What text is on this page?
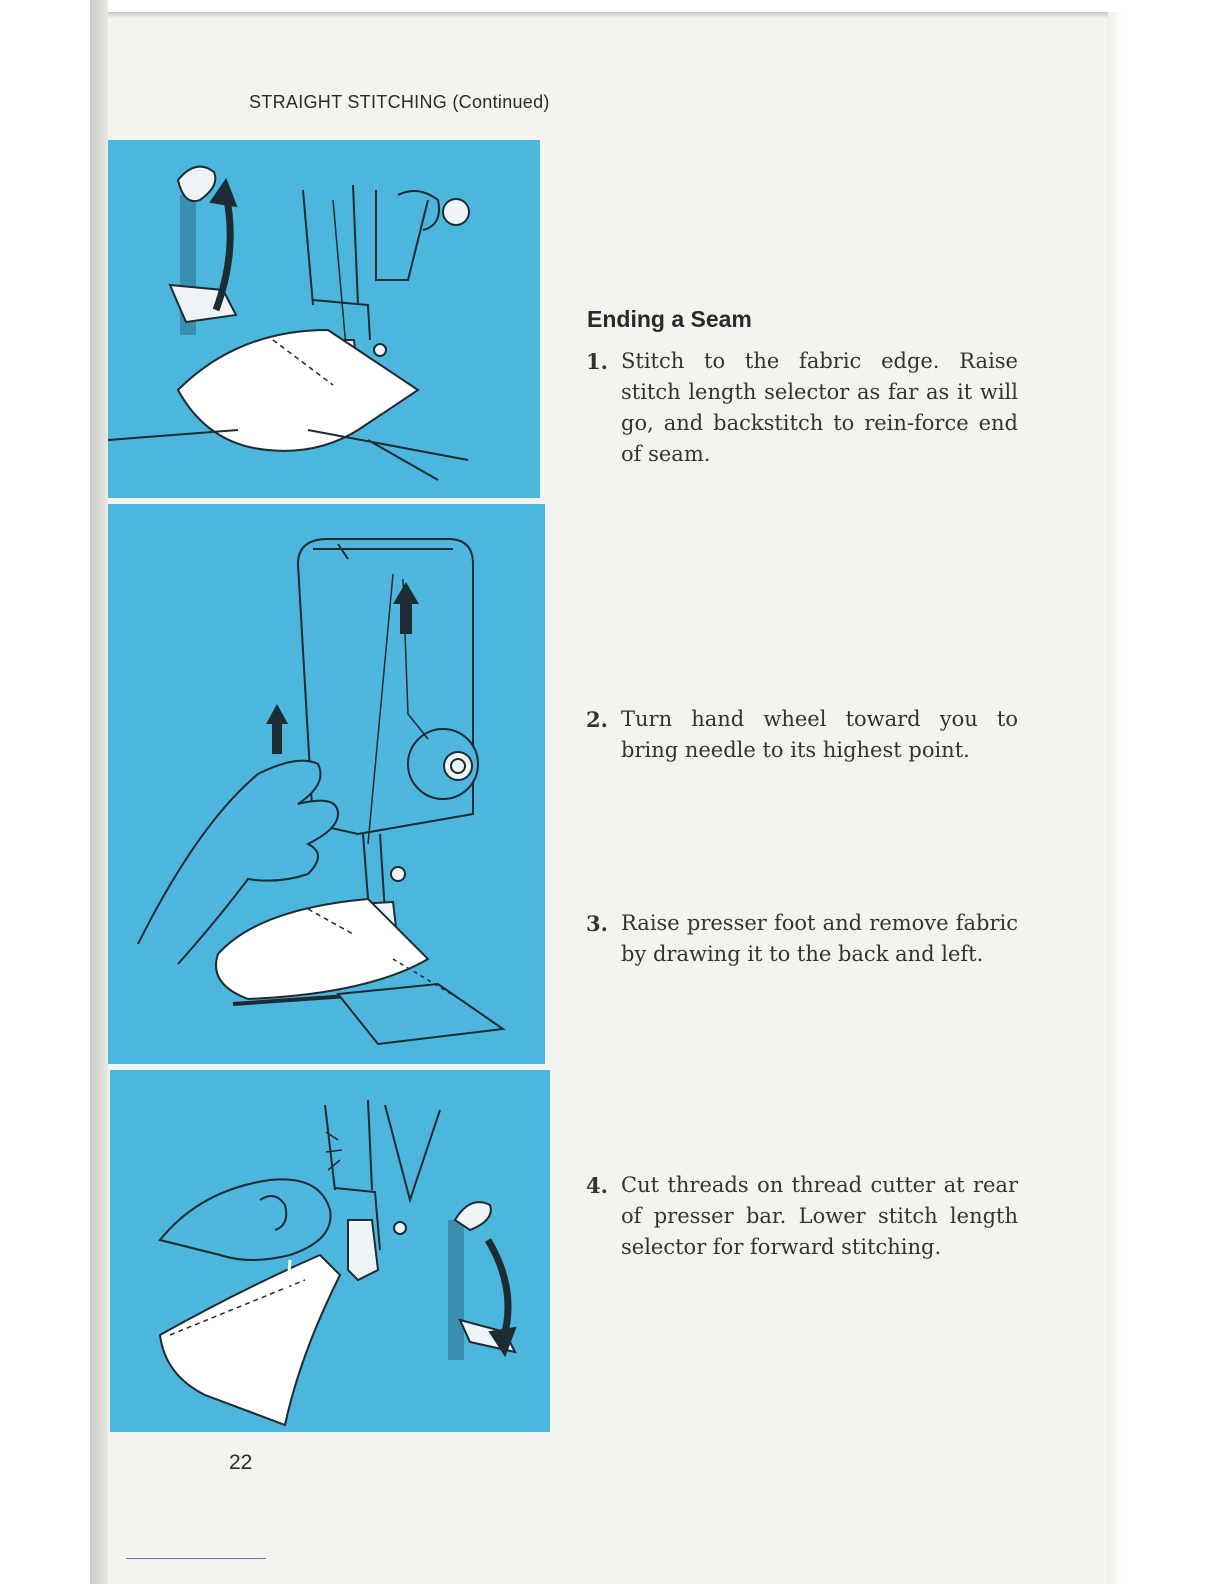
STRAIGHT STITCHING (Continued)
Ending a Seam
1. Stitch to the fabric edge. Raise stitch length selector as far as it will go, and backstitch to rein-force end of seam.
2. Turn hand wheel toward you to bring needle to its highest point.
3. Raise presser foot and remove fabric by drawing it to the back and left.
4. Cut threads on thread cutter at rear of presser bar. Lower stitch length selector for forward stitching.
22
